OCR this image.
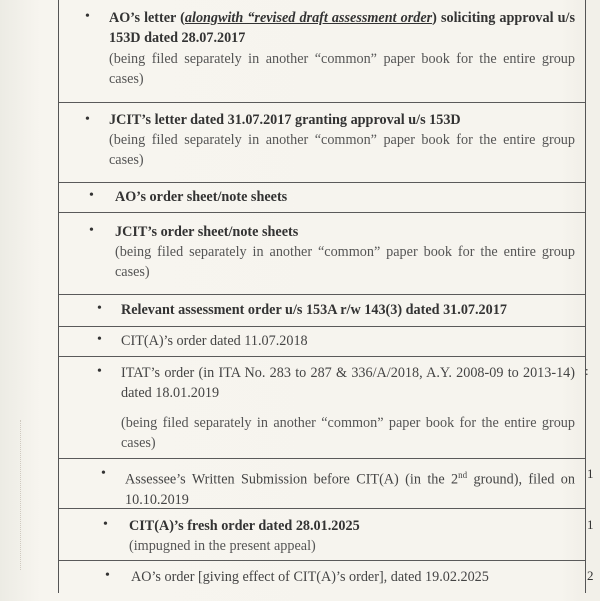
• AO’s letter (alongwith “revised draft assessment order) soliciting approval u/s 153D dated 28.07.2017
(being filed separately in another “common” paper book for the entire group cases)
• JCIT’s letter dated 31.07.2017 granting approval u/s 153D
(being filed separately in another “common” paper book for the entire group cases)
• AO’s order sheet/note sheets
• JCIT’s order sheet/note sheets
(being filed separately in another “common” paper book for the entire group cases)
• Relevant assessment order u/s 153A r/w 143(3) dated 31.07.2017
• CIT(A)’s order dated 11.07.2018
• ITAT’s order (in ITA No. 283 to 287 & 336/A/2018, A.Y. 2008-09 to 2013-14) dated 18.01.2019
(being filed separately in another “common” paper book for the entire group cases)
:
• Assessee’s Written Submission before CIT(A) (in the 2nd ground), filed on 10.10.2019
1
• CIT(A)’s fresh order dated 28.01.2025
(impugned in the present appeal)
1
• AO’s order [giving effect of CIT(A)’s order], dated 19.02.2025	2
